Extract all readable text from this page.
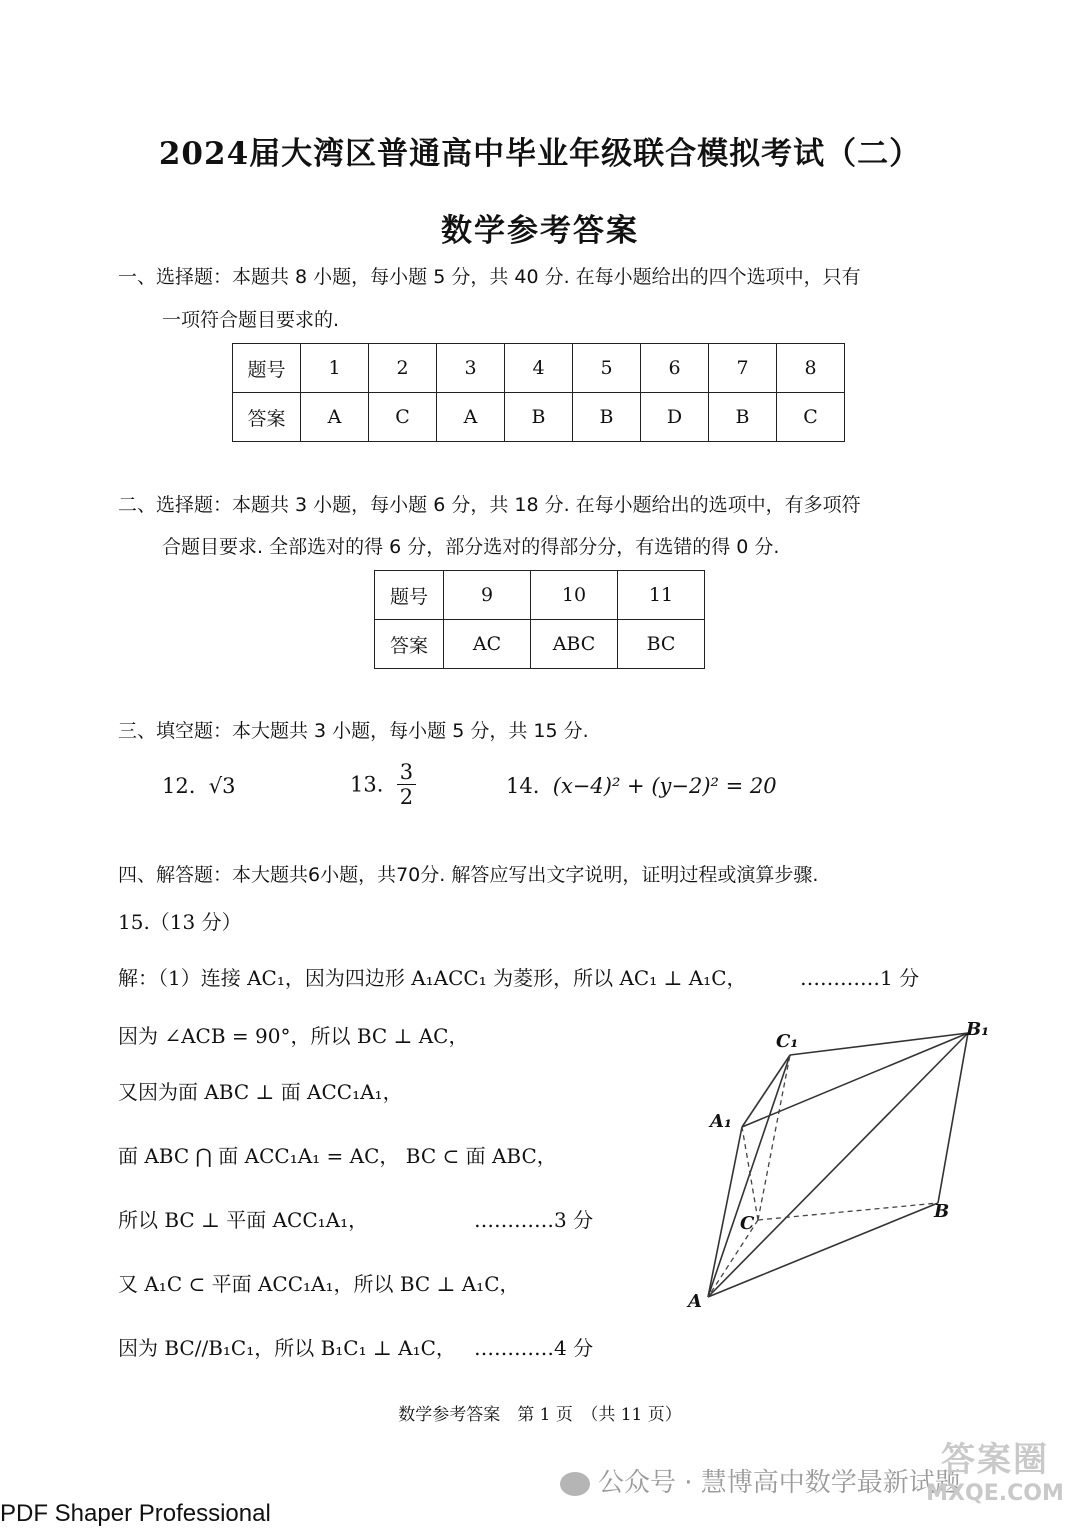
2024届大湾区普通高中毕业年级联合模拟考试（二）
数学参考答案
一、选择题：本题共 8 小题，每小题 5 分，共 40 分. 在每小题给出的四个选项中，只有
一项符合题目要求的.
题号	1	2	3	4	5	6	7	8
答案	A	C	A	B	B	D	B	C
二、选择题：本题共 3 小题，每小题 6 分，共 18 分. 在每小题给出的选项中，有多项符
合题目要求. 全部选对的得 6 分，部分选对的得部分分，有选错的得 0 分.
题号	9	10	11
答案	AC	ABC	BC
三、填空题：本大题共 3 小题，每小题 5 分，共 15 分.
12. √3	13. $\frac{3}{2}$	14. (x−4)² + (y−2)² = 20
四、解答题：本大题共6小题，共70分. 解答应写出文字说明，证明过程或演算步骤.
15.（13 分）
解：（1）连接 AC₁，因为四边形 A₁ACC₁ 为菱形，所以 AC₁ ⊥ A₁C，	…………1 分
因为 ∠ACB = 90°，所以 BC ⊥ AC，
又因为面 ABC ⊥ 面 ACC₁A₁，
面 ABC ⋂ 面 ACC₁A₁ = AC， BC ⊂ 面 ABC，
所以 BC ⊥ 平面 ACC₁A₁，	…………3 分
又 A₁C ⊂ 平面 ACC₁A₁，所以 BC ⊥ A₁C，
因为 BC//B₁C₁，所以 B₁C₁ ⊥ A₁C， …………4 分
C₁
B₁
A₁
C
B
A
数学参考答案　第 1 页　（共 11 页）
公众号 · 慧博高中数学最新试题
答案圈
MXQE.COM
PDF Shaper Professional
